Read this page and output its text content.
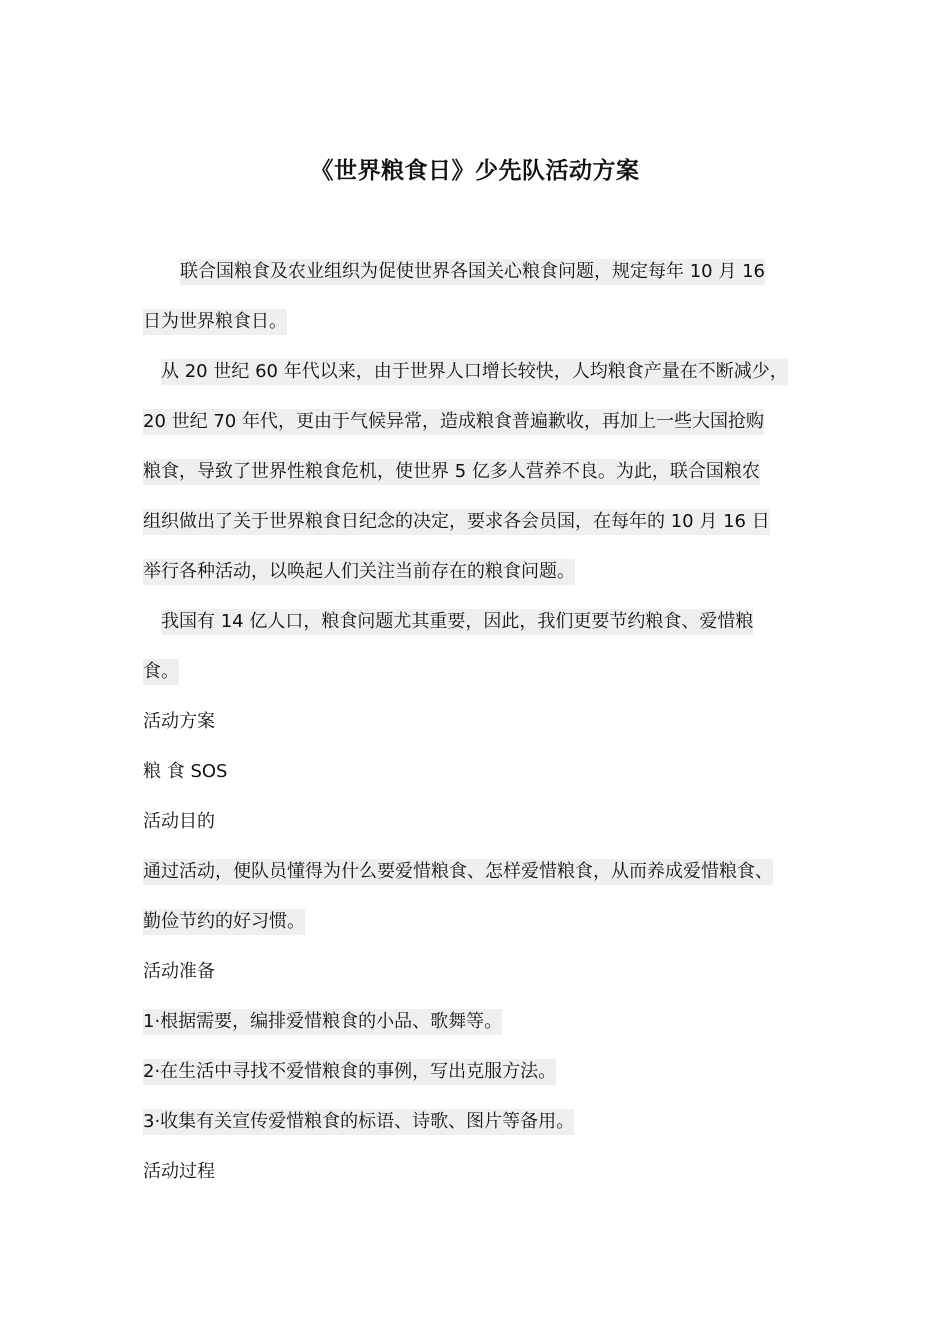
《世界粮食日》少先队活动方案
联合国粮食及农业组织为促使世界各国关心粮食问题，规定每年 10 月 16
日为世界粮食日。
从 20 世纪 60 年代以来，由于世界人口增长较快，人均粮食产量在不断减少，
20 世纪 70 年代，更由于气候异常，造成粮食普遍歉收，再加上一些大国抢购
粮食，导致了世界性粮食危机，使世界 5 亿多人营养不良。为此，联合国粮农
组织做出了关于世界粮食日纪念的决定，要求各会员国，在每年的 10 月 16 日
举行各种活动，以唤起人们关注当前存在的粮食问题。
我国有 14 亿人口，粮食问题尤其重要，因此，我们更要节约粮食、爱惜粮
食。
活动方案
粮 食 SOS
活动目的
通过活动，便队员懂得为什么要爱惜粮食、怎样爱惜粮食，从而养成爱惜粮食、
勤俭节约的好习惯。
活动准备
1·根据需要，编排爱惜粮食的小品、歌舞等。
2·在生活中寻找不爱惜粮食的事例，写出克服方法。
3·收集有关宣传爱惜粮食的标语、诗歌、图片等备用。
活动过程
